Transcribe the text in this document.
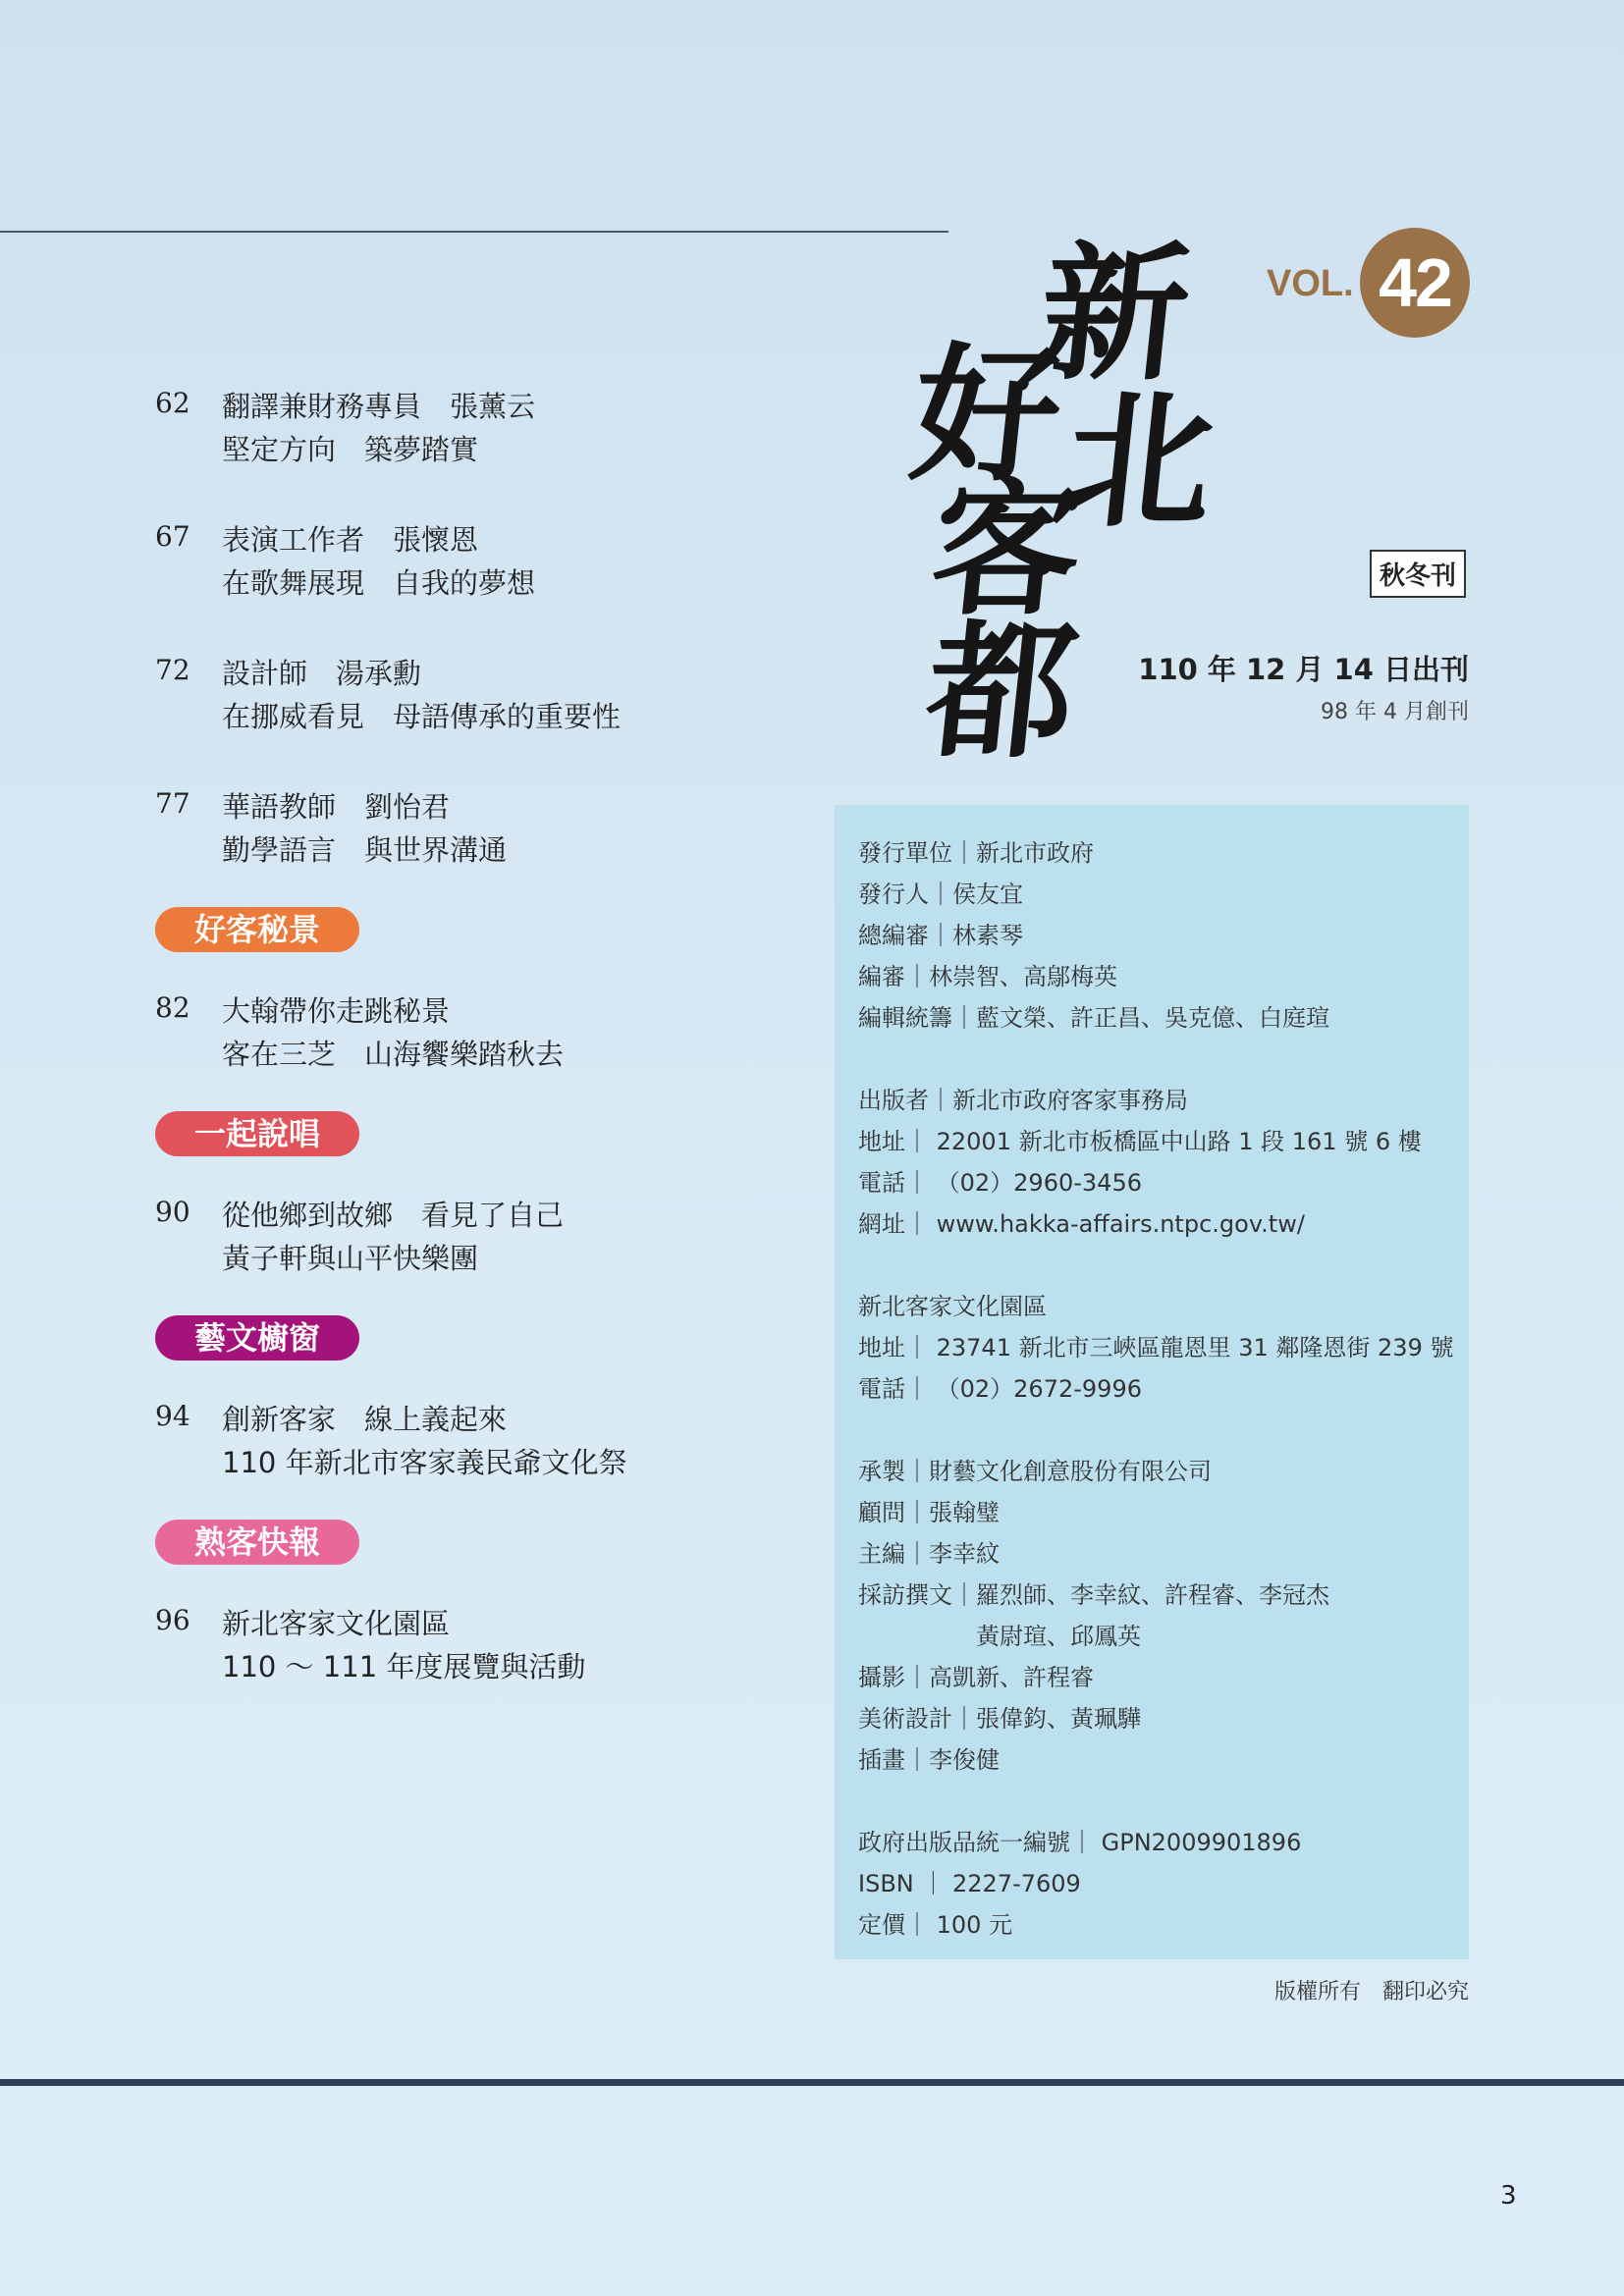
62 翻譯兼財務專員　張薰云
堅定方向　築夢踏實
67 表演工作者　張懷恩
在歌舞展現　自我的夢想
72 設計師　湯承勳
在挪威看見　母語傳承的重要性
77 華語教師　劉怡君
勤學語言　與世界溝通
好客秘景
82 大翰帶你走跳秘景
客在三芝　山海饗樂踏秋去
一起說唱
90 從他鄉到故鄉　看見了自己
黃子軒與山平快樂團
藝文櫥窗
94 創新客家　線上義起來
110 年新北市客家義民爺文化祭
熟客快報
96 新北客家文化園區
110 ～ 111 年度展覽與活動
新
北
好
客
都
VOL. 42
秋冬刊
110 年 12 月 14 日出刊
98 年 4 月創刊
發行單位｜新北市政府
發行人｜侯友宜
總編審｜林素琴
編審｜林崇智、高鄔梅英
編輯統籌｜藍文榮、許正昌、吳克億、白庭瑄
出版者｜新北市政府客家事務局
地址｜ 22001 新北市板橋區中山路 1 段 161 號 6 樓
電話｜ （02）2960-3456
網址｜ www.hakka-affairs.ntpc.gov.tw/
新北客家文化園區
地址｜ 23741 新北市三峽區龍恩里 31 鄰隆恩街 239 號
電話｜ （02）2672-9996
承製｜財藝文化創意股份有限公司
顧問｜張翰璧
主編｜李幸紋
採訪撰文｜羅烈師、李幸紋、許程睿、李冠杰
　　　　　黃尉瑄、邱鳳英
攝影｜高凱新、許程睿
美術設計｜張偉鈞、黃珮驊
插畫｜李俊健
政府出版品統一編號｜ GPN2009901896
ISBN ｜ 2227-7609
定價｜ 100 元
版權所有　翻印必究
3
